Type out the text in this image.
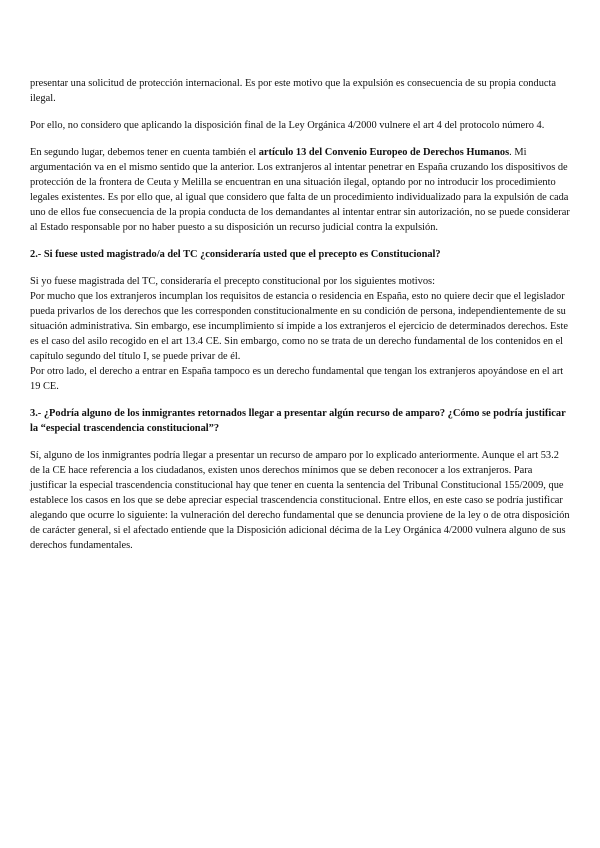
presentar una solicitud de protección internacional. Es por este motivo que la expulsión es consecuencia de su propia conducta ilegal.

Por ello, no considero que aplicando la disposición final de la Ley Orgánica 4/2000 vulnere el art 4 del protocolo número 4.

En segundo lugar, debemos tener en cuenta también el artículo 13 del Convenio Europeo de Derechos Humanos. Mi argumentación va en el mismo sentido que la anterior. Los extranjeros al intentar penetrar en España cruzando los dispositivos de protección de la frontera de Ceuta y Melilla se encuentran en una situación ilegal, optando por no introducir los procedimiento legales existentes. Es por ello que, al igual que considero que falta de un procedimiento individualizado para la expulsión de cada uno de ellos fue consecuencia de la propia conducta de los demandantes al intentar entrar sin autorización, no se puede considerar al Estado responsable por no haber puesto a su disposición un recurso judicial contra la expulsión.

2.- Si fuese usted magistrado/a del TC ¿consideraría usted que el precepto es Constitucional?

Si yo fuese magistrada del TC, consideraría el precepto constitucional por los siguientes motivos:

Por mucho que los extranjeros incumplan los requisitos de estancia o residencia en España, esto no quiere decir que el legislador pueda privarlos de los derechos que les corresponden constitucionalmente en su condición de persona, independientemente de su situación administrativa. Sin embargo, ese incumplimiento sí impide a los extranjeros el ejercicio de determinados derechos. Este es el caso del asilo recogido en el art 13.4 CE. Sin embargo, como no se trata de un derecho fundamental de los contenidos en el capítulo segundo del título I, se puede privar de él.

Por otro lado, el derecho a entrar en España tampoco es un derecho fundamental que tengan los extranjeros apoyándose en el art 19 CE.

3.- ¿Podría alguno de los inmigrantes retornados llegar a presentar algún recurso de amparo? ¿Cómo se podría justificar la “especial trascendencia constitucional”?

Sí, alguno de los inmigrantes podría llegar a presentar un recurso de amparo por lo explicado anteriormente. Aunque el art 53.2 de la CE hace referencia a los ciudadanos, existen unos derechos mínimos que se deben reconocer a los extranjeros. Para justificar la especial trascendencia constitucional hay que tener en cuenta la sentencia del Tribunal Constitucional 155/2009, que establece los casos en los que se debe apreciar especial trascendencia constitucional. Entre ellos, en este caso se podría justificar alegando que ocurre lo siguiente: la vulneración del derecho fundamental que se denuncia proviene de la ley o de otra disposición de carácter general, si el afectado entiende que la Disposición adicional décima de la Ley Orgánica 4/2000 vulnera alguno de sus derechos fundamentales.
